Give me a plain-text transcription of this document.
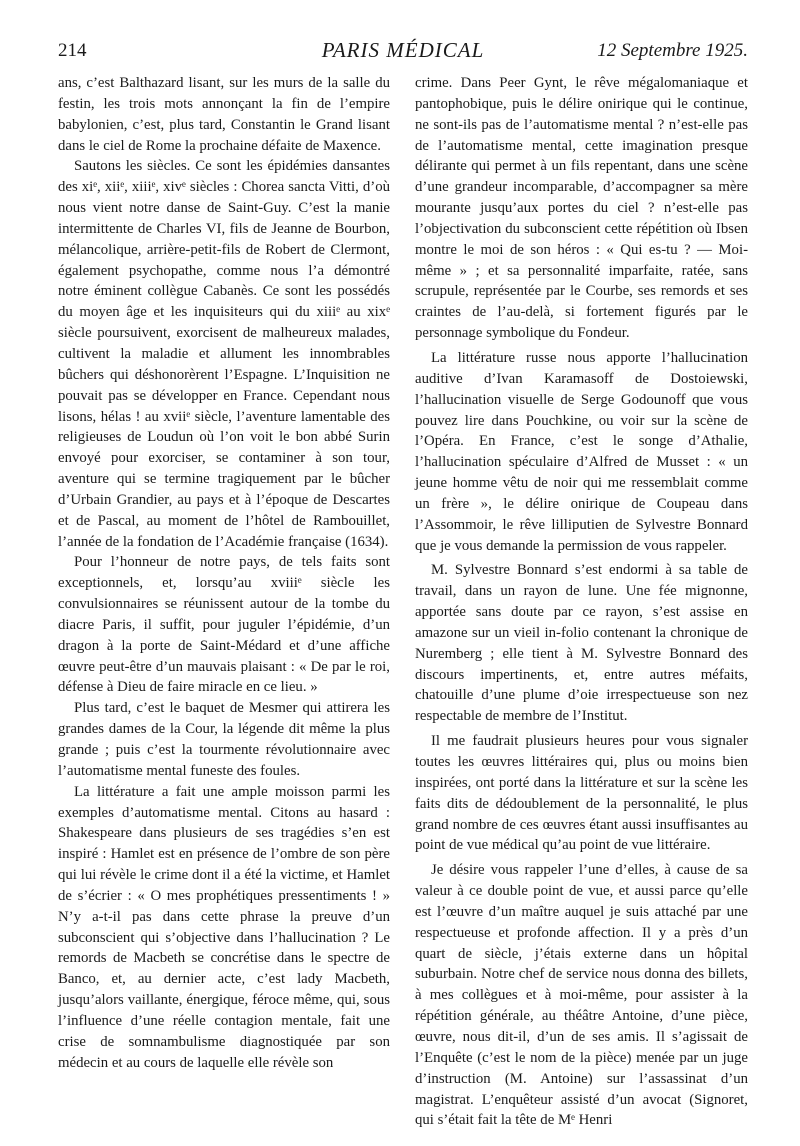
214	PARIS MÉDICAL	12 Septembre 1925.

ans, c’est Balthazard lisant, sur les murs de la salle du festin, les trois mots annonçant la fin de l’empire babylonien, c’est, plus tard, Constantin le Grand lisant dans le ciel de Rome la prochaine défaite de Maxence.

Sautons les siècles. Ce sont les épidémies dansantes des xiᵉ, xiiᵉ, xiiiᵉ, xivᵉ siècles : Chorea sancta Vitti, d’où nous vient notre danse de Saint-Guy. C’est la manie intermittente de Charles VI, fils de Jeanne de Bourbon, mélancolique, arrière-petit-fils de Robert de Clermont, également psychopathe, comme nous l’a démontré notre éminent collègue Cabanès. Ce sont les possédés du moyen âge et les inquisiteurs qui du xiiiᵉ au xixᵉ siècle poursuivent, exorcisent de malheureux malades, cultivent la maladie et allument les innombrables bûchers qui déshonorèrent l’Espagne. L’Inquisition ne pouvait pas se développer en France. Cependant nous lisons, hélas ! au xviiᵉ siècle, l’aventure lamentable des religieuses de Loudun où l’on voit le bon abbé Surin envoyé pour exorciser, se contaminer à son tour, aventure qui se termine tragiquement par le bûcher d’Urbain Grandier, au pays et à l’époque de Descartes et de Pascal, au moment de l’hôtel de Rambouillet, l’année de la fondation de l’Académie française (1634).

Pour l’honneur de notre pays, de tels faits sont exceptionnels, et, lorsqu’au xviiiᵉ siècle les convulsionnaires se réunissent autour de la tombe du diacre Paris, il suffit, pour juguler l’épidémie, d’un dragon à la porte de Saint-Médard et d’une affiche œuvre peut-être d’un mauvais plaisant : « De par le roi, défense à Dieu de faire miracle en ce lieu. »

Plus tard, c’est le baquet de Mesmer qui attirera les grandes dames de la Cour, la légende dit même la plus grande ; puis c’est la tourmente révolutionnaire avec l’automatisme mental funeste des foules.

La littérature a fait une ample moisson parmi les exemples d’automatisme mental. Citons au hasard : Shakespeare dans plusieurs de ses tragédies s’en est inspiré : Hamlet est en présence de l’ombre de son père qui lui révèle le crime dont il a été la victime, et Hamlet de s’écrier : « O mes prophétiques pressentiments ! » N’y a-t-il pas dans cette phrase la preuve d’un subconscient qui s’objective dans l’hallucination ? Le remords de Macbeth se concrétise dans le spectre de Banco, et, au dernier acte, c’est lady Macbeth, jusqu’alors vaillante, énergique, féroce même, qui, sous l’influence d’une réelle contagion mentale, fait une crise de somnambulisme diagnostiquée par son médecin et au cours de laquelle elle révèle son

crime. Dans Peer Gynt, le rêve mégalomaniaque et pantophobique, puis le délire onirique qui le continue, ne sont-ils pas de l’automatisme mental ? n’est-elle pas de l’automatisme mental, cette imagination presque délirante qui permet à un fils repentant, dans une scène d’une grandeur incomparable, d’accompagner sa mère mourante jusqu’aux portes du ciel ? n’est-elle pas l’objectivation du subconscient cette répétition où Ibsen montre le moi de son héros : « Qui es-tu ? — Moi-même » ; et sa personnalité imparfaite, ratée, sans scrupule, représentée par le Courbe, ses remords et ses craintes de l’au-delà, si fortement figurés par le personnage symbolique du Fondeur.

La littérature russe nous apporte l’hallucination auditive d’Ivan Karamasoff de Dostoiewski, l’hallucination visuelle de Serge Godounoff que vous pouvez lire dans Pouchkine, ou voir sur la scène de l’Opéra. En France, c’est le songe d’Athalie, l’hallucination spéculaire d’Alfred de Musset : « un jeune homme vêtu de noir qui me ressemblait comme un frère », le délire onirique de Coupeau dans l’Assommoir, le rêve lilliputien de Sylvestre Bonnard que je vous demande la permission de vous rappeler.

M. Sylvestre Bonnard s’est endormi à sa table de travail, dans un rayon de lune. Une fée mignonne, apportée sans doute par ce rayon, s’est assise en amazone sur un vieil in-folio contenant la chronique de Nuremberg ; elle tient à M. Sylvestre Bonnard des discours impertinents, et, entre autres méfaits, chatouille d’une plume d’oie irrespectueuse son nez respectable de membre de l’Institut.

Il me faudrait plusieurs heures pour vous signaler toutes les œuvres littéraires qui, plus ou moins bien inspirées, ont porté dans la littérature et sur la scène les faits dits de dédoublement de la personnalité, le plus grand nombre de ces œuvres étant aussi insuffisantes au point de vue médical qu’au point de vue littéraire.

Je désire vous rappeler l’une d’elles, à cause de sa valeur à ce double point de vue, et aussi parce qu’elle est l’œuvre d’un maître auquel je suis attaché par une respectueuse et profonde affection. Il y a près d’un quart de siècle, j’étais externe dans un hôpital suburbain. Notre chef de service nous donna des billets, à mes collègues et à moi-même, pour assister à la répétition générale, au théâtre Antoine, d’une pièce, œuvre, nous dit-il, d’un de ses amis. Il s’agissait de l’Enquête (c’est le nom de la pièce) menée par un juge d’instruction (M. Antoine) sur l’assassinat d’un magistrat. L’enquêteur assisté d’un avocat (Signoret, qui s’était fait la tête de Mᵉ Henri
